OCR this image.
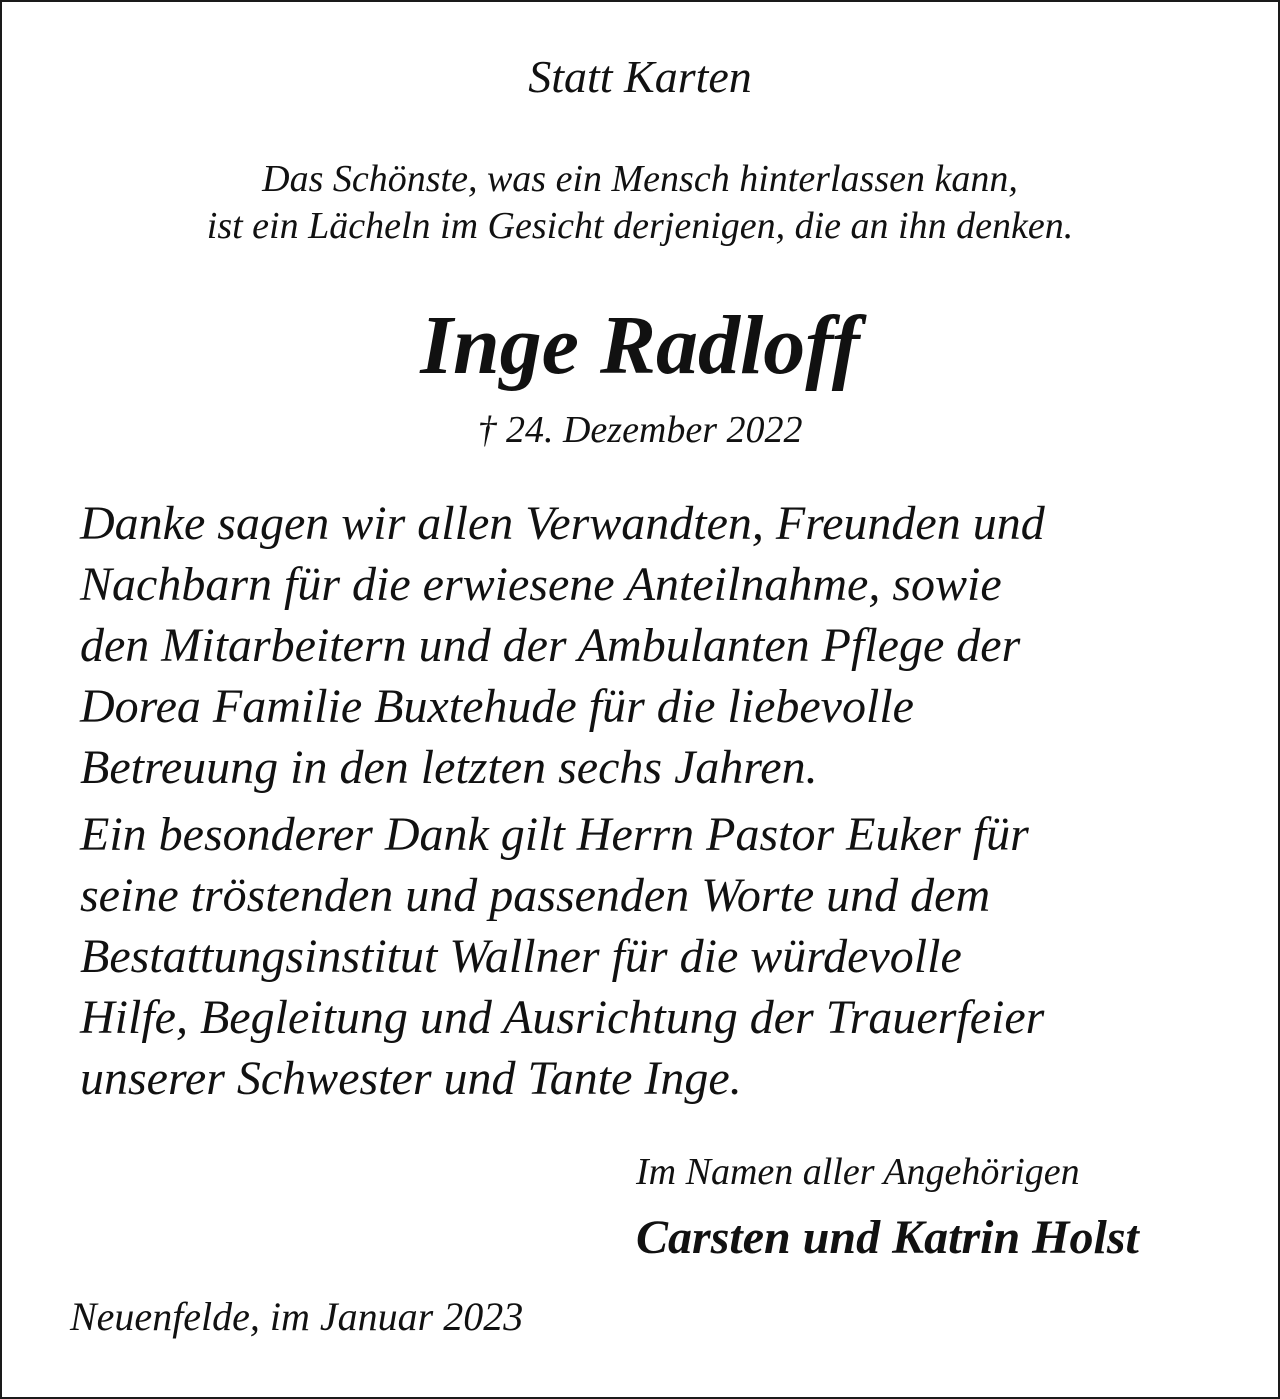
Statt Karten

Das Schönste, was ein Mensch hinterlassen kann,
ist ein Lächeln im Gesicht derjenigen, die an ihn denken.

Inge Radloff

† 24. Dezember 2022

Danke sagen wir allen Verwandten, Freunden und
Nachbarn für die erwiesene Anteilnahme, sowie
den Mitarbeitern und der Ambulanten Pflege der
Dorea Familie Buxtehude für die liebevolle
Betreuung in den letzten sechs Jahren.
Ein besonderer Dank gilt Herrn Pastor Euker für
seine tröstenden und passenden Worte und dem
Bestattungsinstitut Wallner für die würdevolle
Hilfe, Begleitung und Ausrichtung der Trauerfeier
unserer Schwester und Tante Inge.
Im Namen aller Angehörigen
Carsten und Katrin Holst
Neuenfelde, im Januar 2023
